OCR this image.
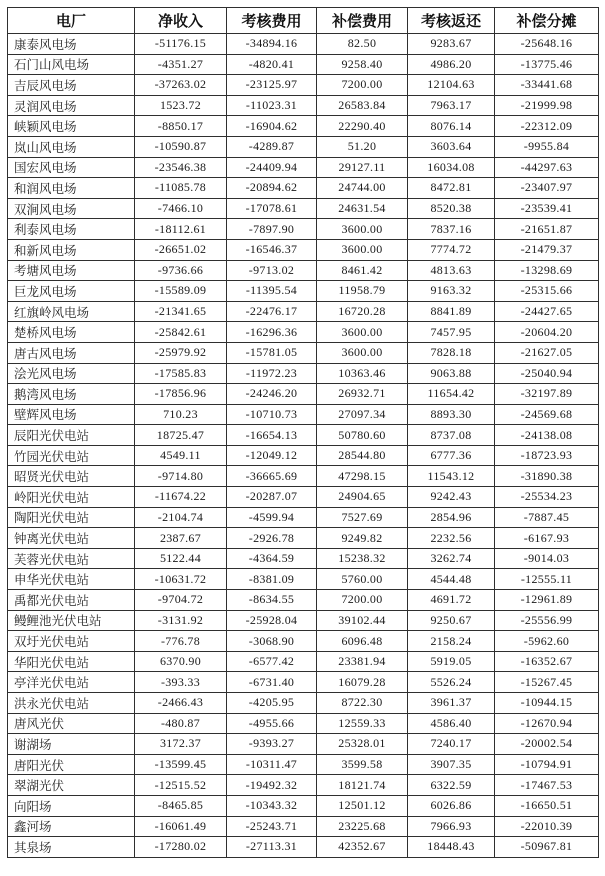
电厂	净收入	考核费用	补偿费用	考核返还	补偿分摊
康泰风电场	-51176.15	-34894.16	82.50	9283.67	-25648.16
石门山风电场	-4351.27	-4820.41	9258.40	4986.20	-13775.46
吉辰风电场	-37263.02	-23125.97	7200.00	12104.63	-33441.68
灵润风电场	1523.72	-11023.31	26583.84	7963.17	-21999.98
峡颖风电场	-8850.17	-16904.62	22290.40	8076.14	-22312.09
岚山风电场	-10590.87	-4289.87	51.20	3603.64	-9955.84
国宏风电场	-23546.38	-24409.94	29127.11	16034.08	-44297.63
和润风电场	-11085.78	-20894.62	24744.00	8472.81	-23407.97
双涧风电场	-7466.10	-17078.61	24631.54	8520.38	-23539.41
利泰风电场	-18112.61	-7897.90	3600.00	7837.16	-21651.87
和新风电场	-26651.02	-16546.37	3600.00	7774.72	-21479.37
考塘风电场	-9736.66	-9713.02	8461.42	4813.63	-13298.69
巨龙风电场	-15589.09	-11395.54	11958.79	9163.32	-25315.66
红旗岭风电场	-21341.65	-22476.17	16720.28	8841.89	-24427.65
楚桥风电场	-25842.61	-16296.36	3600.00	7457.95	-20604.20
唐古风电场	-25979.92	-15781.05	3600.00	7828.18	-21627.05
浍光风电场	-17585.83	-11972.23	10363.46	9063.88	-25040.94
鹅湾风电场	-17856.96	-24246.20	26932.71	11654.42	-32197.89
壁辉风电场	710.23	-10710.73	27097.34	8893.30	-24569.68
辰阳光伏电站	18725.47	-16654.13	50780.60	8737.08	-24138.08
竹园光伏电站	4549.11	-12049.12	28544.80	6777.36	-18723.93
昭贤光伏电站	-9714.80	-36665.69	47298.15	11543.12	-31890.38
岭阳光伏电站	-11674.22	-20287.07	24904.65	9242.43	-25534.23
陶阳光伏电站	-2104.74	-4599.94	7527.69	2854.96	-7887.45
钟离光伏电站	2387.67	-2926.78	9249.82	2232.56	-6167.93
芙蓉光伏电站	5122.44	-4364.59	15238.32	3262.74	-9014.03
申华光伏电站	-10631.72	-8381.09	5760.00	4544.48	-12555.11
禹都光伏电站	-9704.72	-8634.55	7200.00	4691.72	-12961.89
鳗鲤池光伏电站	-3131.92	-25928.04	39102.44	9250.67	-25556.99
双圩光伏电站	-776.78	-3068.90	6096.48	2158.24	-5962.60
华阳光伏电站	6370.90	-6577.42	23381.94	5919.05	-16352.67
亭洋光伏电站	-393.33	-6731.40	16079.28	5526.24	-15267.45
洪永光伏电站	-2466.43	-4205.95	8722.30	3961.37	-10944.15
唐风光伏	-480.87	-4955.66	12559.33	4586.40	-12670.94
谢湖场	3172.37	-9393.27	25328.01	7240.17	-20002.54
唐阳光伏	-13599.45	-10311.47	3599.58	3907.35	-10794.91
翠湖光伏	-12515.52	-19492.32	18121.74	6322.59	-17467.53
向阳场	-8465.85	-10343.32	12501.12	6026.86	-16650.51
鑫河场	-16061.49	-25243.71	23225.68	7966.93	-22010.39
其泉场	-17280.02	-27113.31	42352.67	18448.43	-50967.81
